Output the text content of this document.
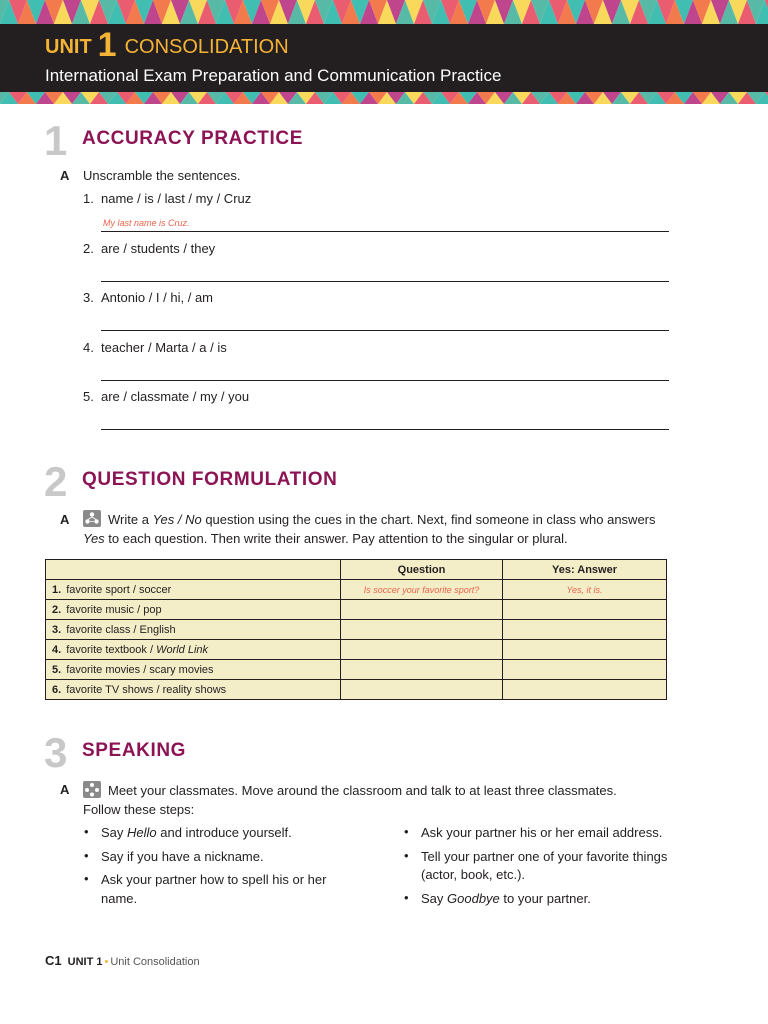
UNIT 1 CONSOLIDATION
International Exam Preparation and Communication Practice
1 ACCURACY PRACTICE
A Unscramble the sentences.
1. name / is / last / my / Cruz
My last name is Cruz.
2. are / students / they
3. Antonio / I / hi, / am
4. teacher / Marta / a / is
5. are / classmate / my / you
2 QUESTION FORMULATION
A	Write a Yes / No question using the cues in the chart. Next, find someone in class who answers
Yes to each question. Then write their answer. Pay attention to the singular or plural.
	Question	Yes: Answer
1. favorite sport / soccer	Is soccer your favorite sport?	Yes, it is.
2. favorite music / pop		
3. favorite class / English		
4. favorite textbook / World Link		
5. favorite movies / scary movies		
6. favorite TV shows / reality shows		
3 SPEAKING
A	Meet your classmates. Move around the classroom and talk to at least three classmates.
Follow these steps:
• Say Hello and introduce yourself.
• Say if you have a nickname.
• Ask your partner how to spell his or her
name.
• Ask your partner his or her email address.
• Tell your partner one of your favorite things
(actor, book, etc.).
• Say Goodbye to your partner.
C1 UNIT 1 • Unit Consolidation
